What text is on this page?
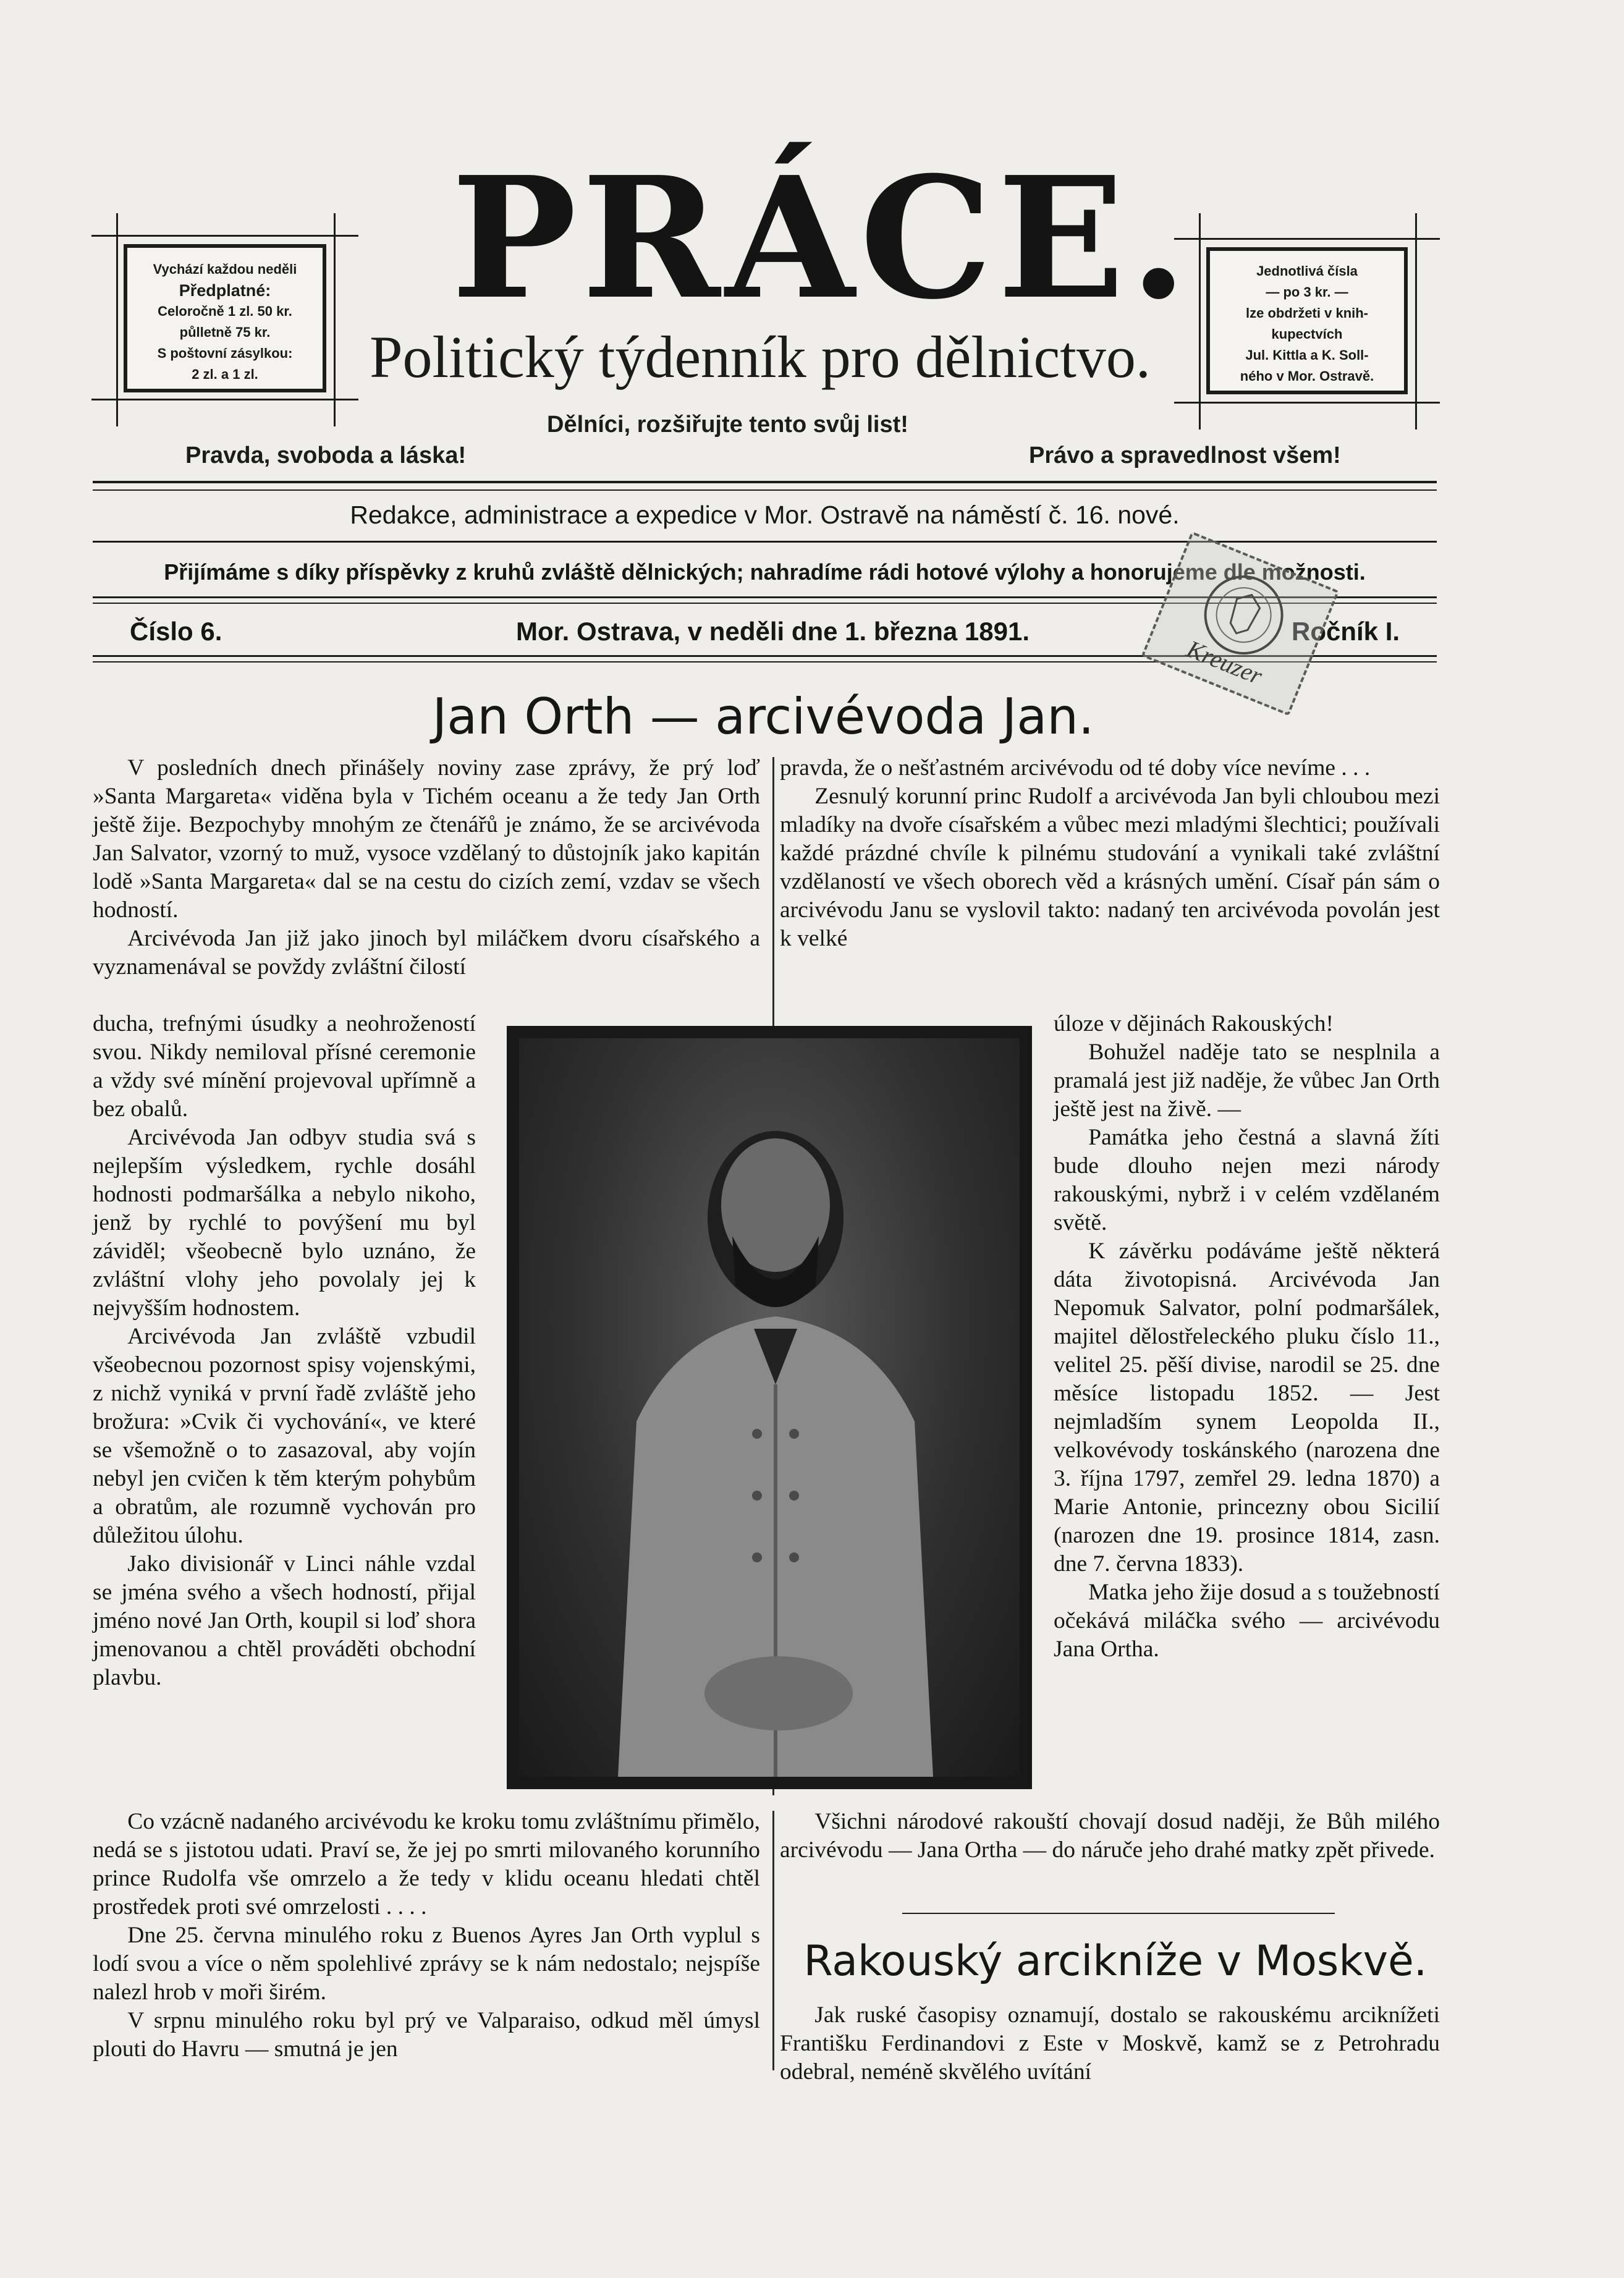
Vychází každou neděli
Předplatné:
Celoročně 1 zl. 50 kr.
půlletně 75 kr.
S poštovní zásylkou:
2 zl. a 1 zl.
Jednotlivá čísla
— po 3 kr. —
lze obdržeti v knih-
kupectvích
Jul. Kittla a K. Soll-
ného v Mor. Ostravě.
PRÁCE.
Politický týdenník pro dělnictvo.
Pravda, svoboda a láska!
Dělníci, rozšiřujte tento svůj list!
Právo a spravedlnost všem!
Redakce, administrace a expedice v Mor. Ostravě na náměstí č. 16. nové.
Přijímáme s díky příspěvky z kruhů zvláště dělnických; nahradíme rádi hotové výlohy a honorujeme dle možnosti.
Číslo 6.	Mor. Ostrava, v neděli dne 1. března 1891.	Ročník I.
Kreuzer
Jan Orth — arcivévoda Jan.

V posledních dnech přinášely noviny zase zprávy, že prý loď »Santa Margareta« viděna byla v Tichém oceanu a že tedy Jan Orth ještě žije. Bezpochyby mnohým ze čtenářů je známo, že se arcivévoda Jan Salvator, vzorný to muž, vysoce vzdělaný to důstojník jako kapitán lodě »Santa Margareta« dal se na cestu do cizích zemí, vzdav se všech hodností.

Arcivévoda Jan již jako jinoch byl miláčkem dvoru císařského a vyznamenával se povždy zvláštní čilostí

ducha, trefnými úsudky a neohrožeností svou. Nikdy nemiloval přísné ceremonie a vždy své mínění projevoval upřímně a bez obalů.

Arcivévoda Jan odbyv studia svá s nejlepším výsledkem, rychle dosáhl hodnosti podmaršálka a nebylo nikoho, jenž by rychlé to povýšení mu byl záviděl; všeobecně bylo uznáno, že zvláštní vlohy jeho povolaly jej k nejvyšším hodnostem.

Arcivévoda Jan zvláště vzbudil všeobecnou pozornost spisy vojenskými, z nichž vyniká v první řadě zvláště jeho brožura: »Cvik či vychování«, ve které se všemožně o to zasazoval, aby vojín nebyl jen cvičen k těm kterým pohybům a obratům, ale rozumně vychován pro důležitou úlohu.

Jako divisionář v Linci náhle vzdal se jména svého a všech hodností, přijal jméno nové Jan Orth, koupil si loď shora jmenovanou a chtěl prováděti obchodní plavbu.

Co vzácně nadaného arcivévodu ke kroku tomu zvláštnímu přimělo, nedá se s jistotou udati. Praví se, že jej po smrti milovaného korunního prince Rudolfa vše omrzelo a že tedy v klidu oceanu hledati chtěl prostředek proti své omrzelosti . . . .

Dne 25. června minulého roku z Buenos Ayres Jan Orth vyplul s lodí svou a více o něm spolehlivé zprávy se k nám nedostalo; nejspíše nalezl hrob v moři širém.

V srpnu minulého roku byl prý ve Valparaiso, odkud měl úmysl plouti do Havru — smutná je jen

pravda, že o nešťastném arcivévodu od té doby více nevíme . . .

Zesnulý korunní princ Rudolf a arcivévoda Jan byli chloubou mezi mladíky na dvoře císařském a vůbec mezi mladými šlechtici; používali každé prázdné chvíle k pilnému studování a vynikali také zvláštní vzdělaností ve všech oborech věd a krásných umění. Císař pán sám o arcivévodu Janu se vyslovil takto: nadaný ten arcivévoda povolán jest k velké

úloze v dějinách Rakouských!

Bohužel naděje tato se nesplnila a pramalá jest již naděje, že vůbec Jan Orth ještě jest na živě. —

Památka jeho čestná a slavná žíti bude dlouho nejen mezi národy rakouskými, nybrž i v celém vzdělaném světě.

K závěrku podáváme ještě některá dáta životopisná. Arcivévoda Jan Nepomuk Salvator, polní podmaršálek, majitel dělostřeleckého pluku číslo 11., velitel 25. pěší divise, narodil se 25. dne měsíce listopadu 1852. — Jest nejmladším synem Leopolda II., velkovévody toskánského (narozena dne 3. října 1797, zemřel 29. ledna 1870) a Marie Antonie, princezny obou Sicilií (narozen dne 19. prosince 1814, zasn. dne 7. června 1833).

Matka jeho žije dosud a s toužebností očekává miláčka svého — arcivévodu Jana Ortha.

Všichni národové rakouští chovají dosud naději, že Bůh milého arcivévodu — Jana Ortha — do náruče jeho drahé matky zpět přivede.

Rakouský arcikníže v Moskvě.

Jak ruské časopisy oznamují, dostalo se rakouskému arciknížeti Františku Ferdinandovi z Este v Moskvě, kamž se z Petrohradu odebral, neméně skvělého uvítání
